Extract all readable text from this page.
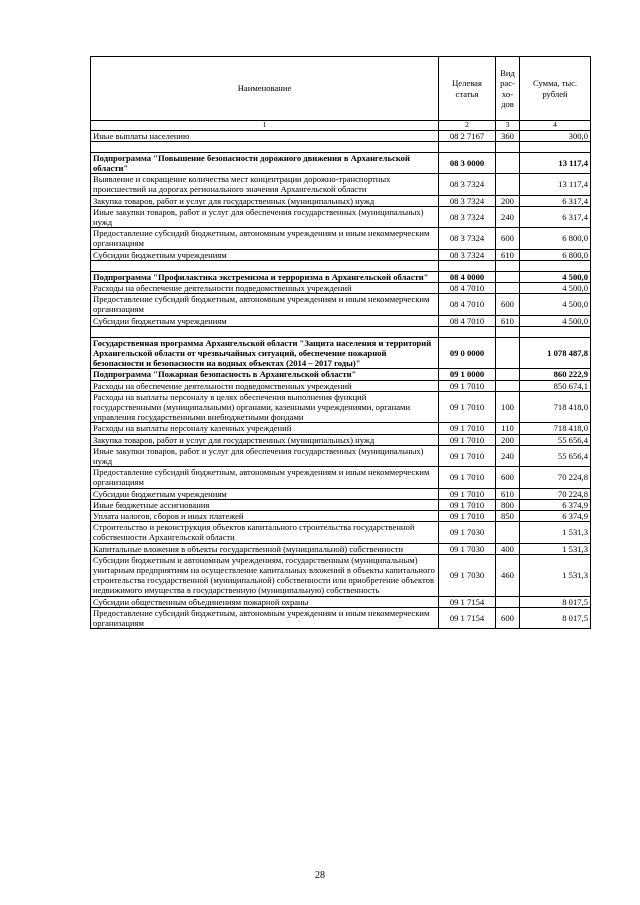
Наименование	Целевая статья	Вид рас-хо-дов	Сумма, тыс. рублей
1	2	3	4
Иные выплаты населению	08 2 7167	360	300,0

Подпрограмма "Повышение безопасности дорожного движения в Архангельской области"	08 3 0000		13 117,4
Выявление и сокращение количества мест концентрации дорожно-транспортных происшествий на дорогах регионального значения Архангельской области	08 3 7324		13 117,4
Закупка товаров, работ и услуг для государственных (муниципальных) нужд	08 3 7324	200	6 317,4
Иные закупки товаров, работ и услуг для обеспечения государственных (муниципальных) нужд	08 3 7324	240	6 317,4
Предоставление субсидий бюджетным, автономным учреждениям и иным некоммерческим организациям	08 3 7324	600	6 800,0
Субсидии бюджетным учреждениям	08 3 7324	610	6 800,0

Подпрограмма "Профилактика экстремизма и терроризма в Архангельской области"	08 4 0000		4 500,0
Расходы на обеспечение деятельности подведомственных учреждений	08 4 7010		4 500,0
Предоставление субсидий бюджетным, автономным учреждениям и иным некоммерческим организациям	08 4 7010	600	4 500,0
Субсидии бюджетным учреждениям	08 4 7010	610	4 500,0

Государственная программа Архангельской области "Защита населения и территорий Архангельской области от чрезвычайных ситуаций, обеспечение пожарной безопасности и безопасности на водных объектах (2014 – 2017 годы)"	09 0 0000		1 078 487,8
Подпрограмма "Пожарная безопасность в Архангельской области"	09 1 0000		860 222,9
Расходы на обеспечение деятельности подведомственных учреждений	09 1 7010		850 674,1
Расходы на выплаты персоналу в целях обеспечения выполнения функций государственными (муниципальными) органами, казенными учреждениями, органами управления государственными внебюджетными фондами	09 1 7010	100	718 418,0
Расходы на выплаты персоналу казенных учреждений	09 1 7010	110	718 418,0
Закупка товаров, работ и услуг для государственных (муниципальных) нужд	09 1 7010	200	55 656,4
Иные закупки товаров, работ и услуг для обеспечения государственных (муниципальных) нужд	09 1 7010	240	55 656,4
Предоставление субсидий бюджетным, автономным учреждениям и иным некоммерческим организациям	09 1 7010	600	70 224,8
Субсидии бюджетным учреждениям	09 1 7010	610	70 224,8
Иные бюджетные ассигнования	09 1 7010	800	6 374,9
Уплата налогов, сборов и иных платежей	09 1 7010	850	6 374,9
Строительство и реконструкция объектов капитального строительства государственной собственности Архангельской области	09 1 7030		1 531,3
Капитальные вложения в объекты государственной (муниципальной) собственности	09 1 7030	400	1 531,3
Субсидии бюджетным и автономным учреждениям, государственным (муниципальным) унитарным предприятиям на осуществление капитальных вложений в объекты капитального строительства государственной (муниципальной) собственности или приобретение объектов недвижимого имущества в государственную (муниципальную) собственность	09 1 7030	460	1 531,3
Субсидии общественным объединениям пожарной охраны	09 1 7154		8 017,5
Предоставление субсидий бюджетным, автономным учреждениям и иным некоммерческим организациям	09 1 7154	600	8 017,5
28
